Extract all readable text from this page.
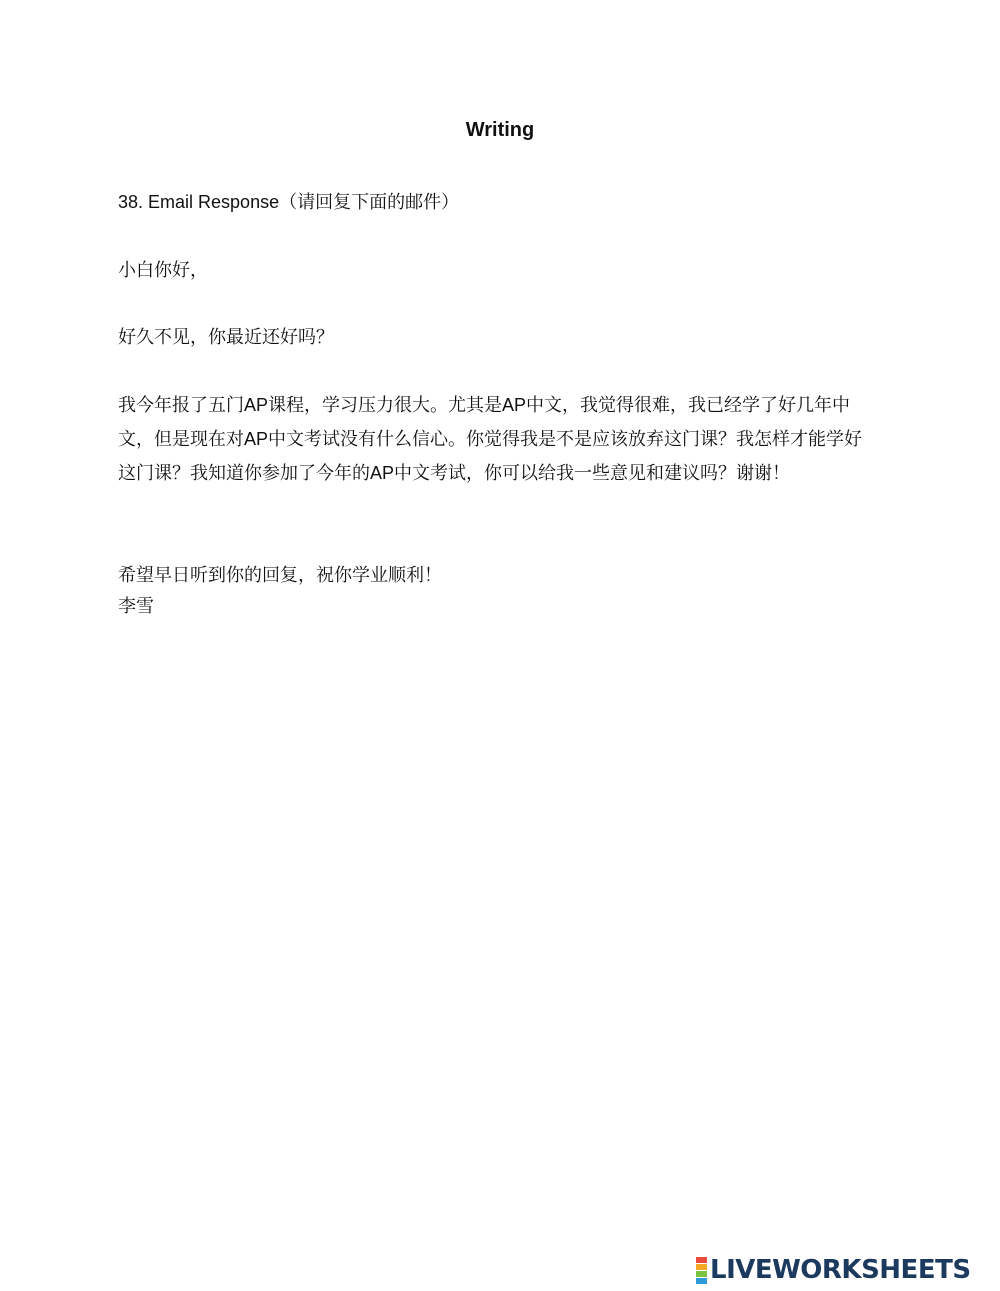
Writing
38. Email Response（请回复下面的邮件）
小白你好，
好久不见，你最近还好吗？
我今年报了五门AP课程，学习压力很大。尤其是AP中文，我觉得很难，我已经学了好几年中文，但是现在对AP中文考试没有什么信心。你觉得我是不是应该放弃这门课？我怎样才能学好这门课？我知道你参加了今年的AP中文考试，你可以给我一些意见和建议吗？谢谢！
希望早日听到你的回复，祝你学业顺利！
李雪
LIVEWORKSHEETS
